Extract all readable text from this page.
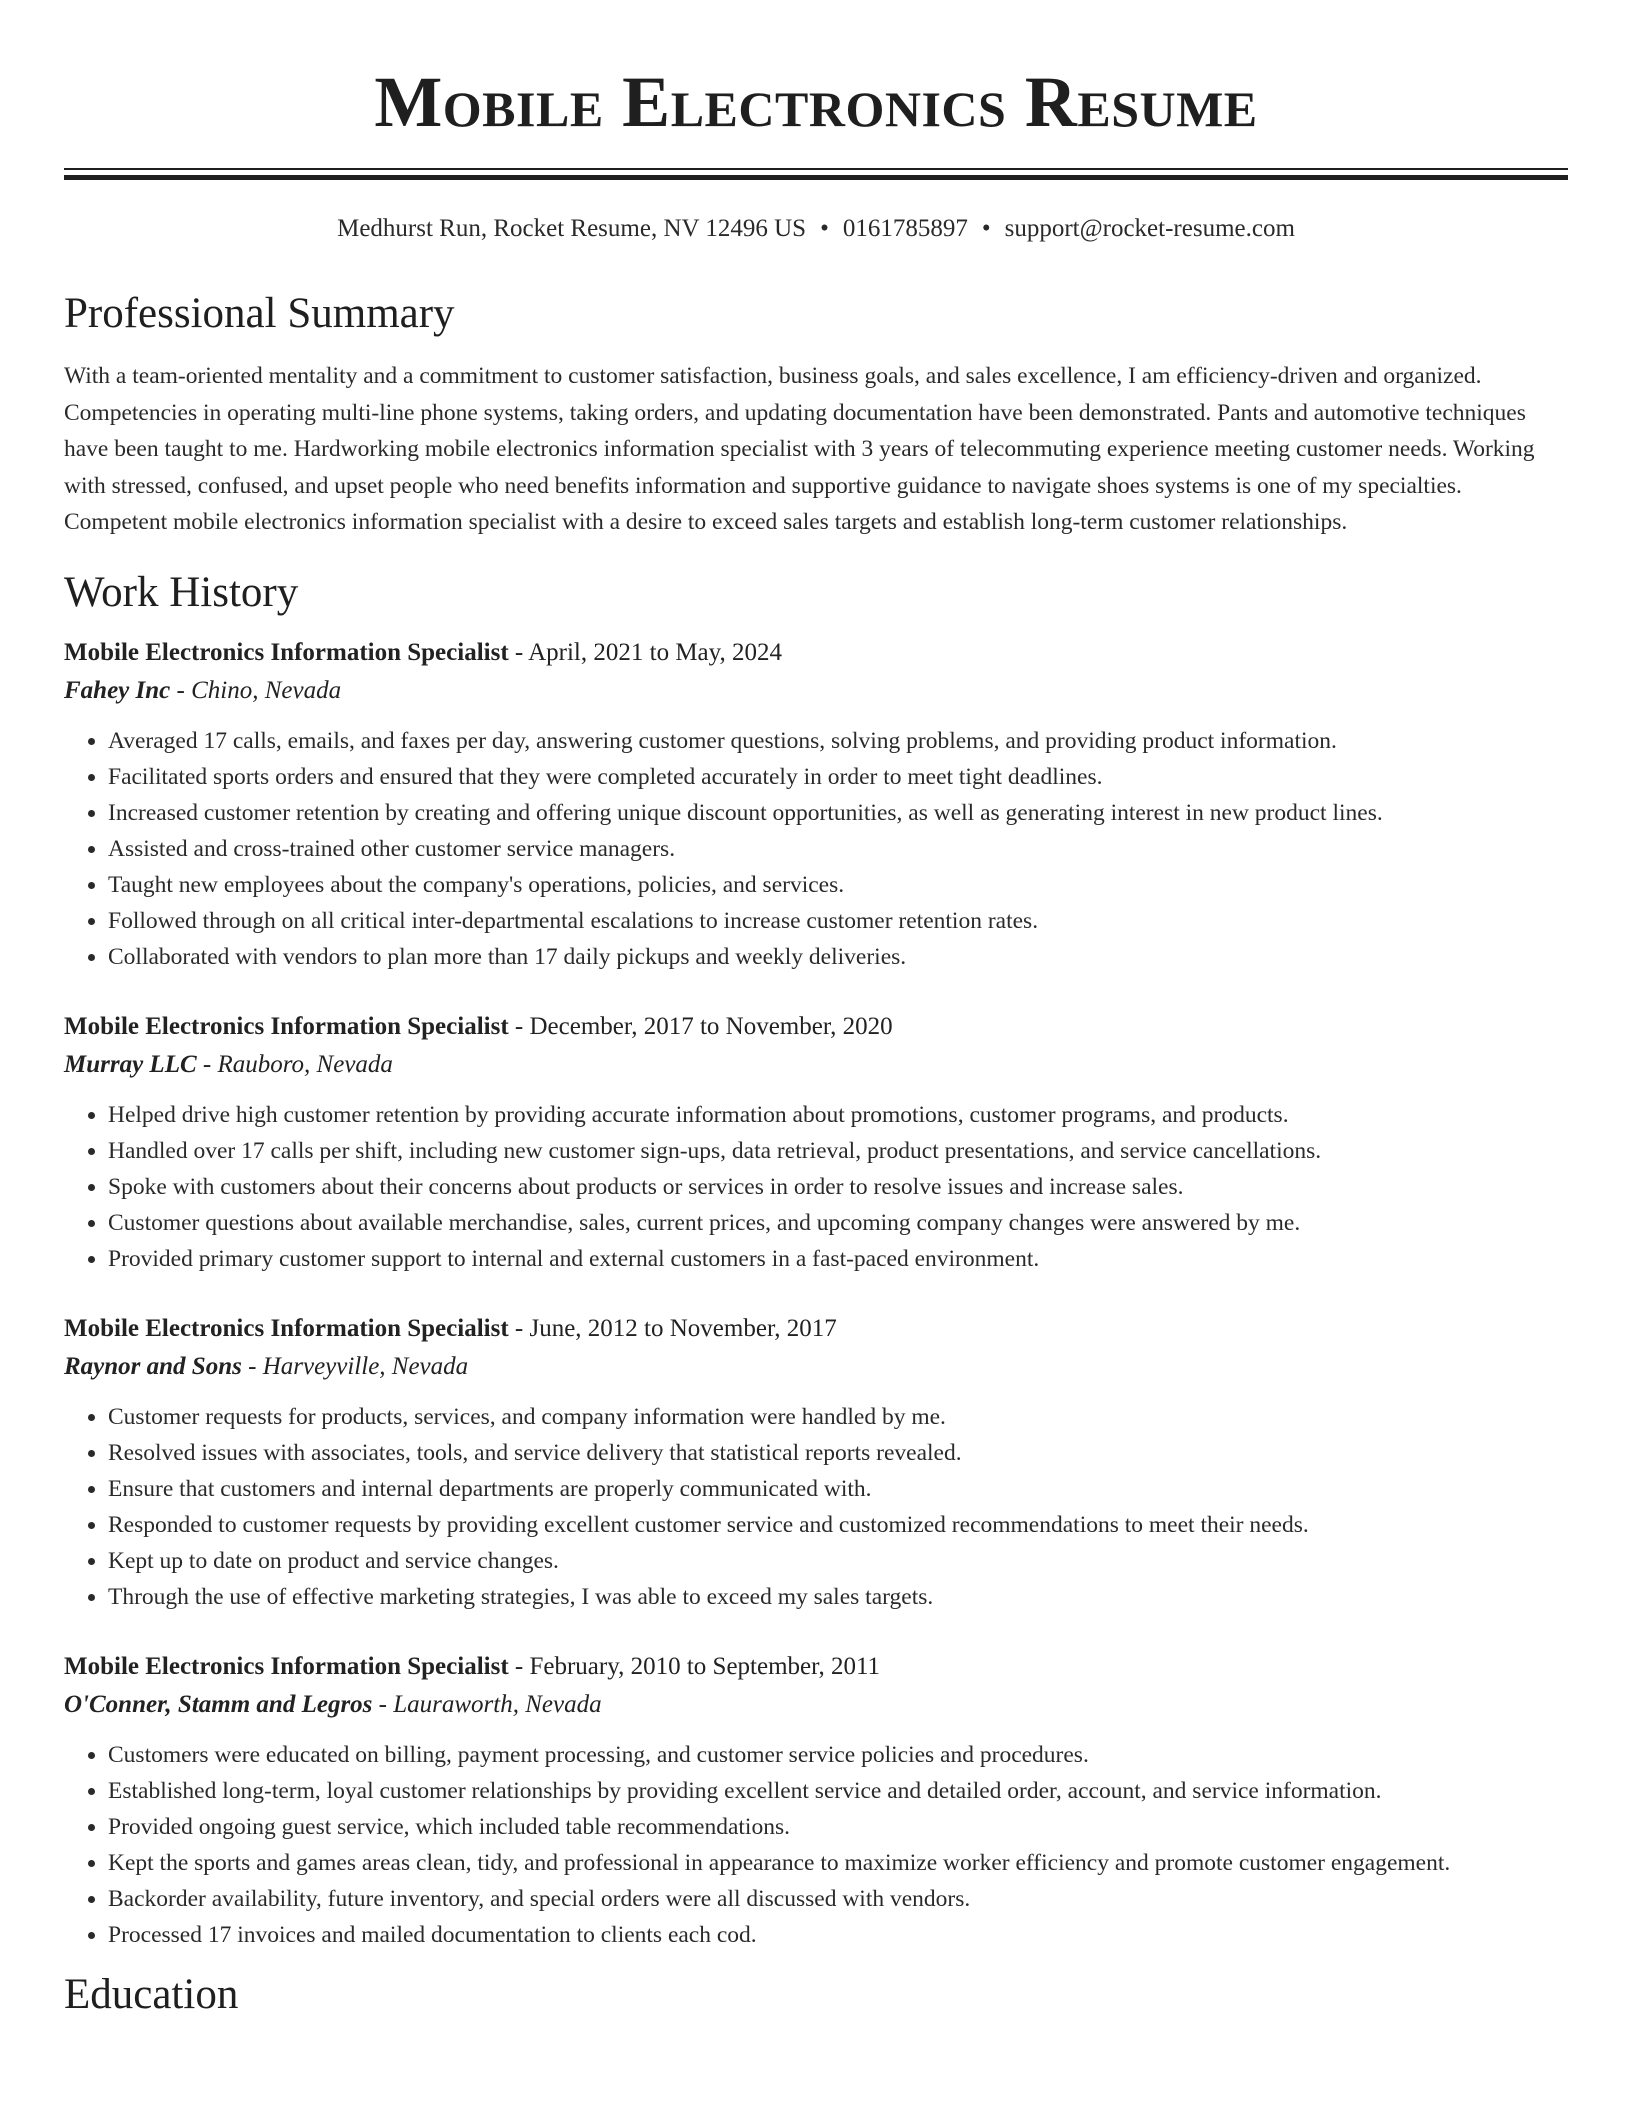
Mobile Electronics Resume
Medhurst Run, Rocket Resume, NV 12496 US • 0161785897 • support@rocket-resume.com
Professional Summary

With a team-oriented mentality and a commitment to customer satisfaction, business goals, and sales excellence, I am efficiency-driven and organized. Competencies in operating multi-line phone systems, taking orders, and updating documentation have been demonstrated. Pants and automotive techniques have been taught to me. Hardworking mobile electronics information specialist with 3 years of telecommuting experience meeting customer needs. Working with stressed, confused, and upset people who need benefits information and supportive guidance to navigate shoes systems is one of my specialties. Competent mobile electronics information specialist with a desire to exceed sales targets and establish long-term customer relationships.

Work History
Mobile Electronics Information Specialist - April, 2021 to May, 2024
Fahey Inc - Chino, Nevada
• Averaged 17 calls, emails, and faxes per day, answering customer questions, solving problems, and providing product information.
• Facilitated sports orders and ensured that they were completed accurately in order to meet tight deadlines.
• Increased customer retention by creating and offering unique discount opportunities, as well as generating interest in new product lines.
• Assisted and cross-trained other customer service managers.
• Taught new employees about the company's operations, policies, and services.
• Followed through on all critical inter-departmental escalations to increase customer retention rates.
• Collaborated with vendors to plan more than 17 daily pickups and weekly deliveries.
Mobile Electronics Information Specialist - December, 2017 to November, 2020
Murray LLC - Rauboro, Nevada
• Helped drive high customer retention by providing accurate information about promotions, customer programs, and products.
• Handled over 17 calls per shift, including new customer sign-ups, data retrieval, product presentations, and service cancellations.
• Spoke with customers about their concerns about products or services in order to resolve issues and increase sales.
• Customer questions about available merchandise, sales, current prices, and upcoming company changes were answered by me.
• Provided primary customer support to internal and external customers in a fast-paced environment.
Mobile Electronics Information Specialist - June, 2012 to November, 2017
Raynor and Sons - Harveyville, Nevada
• Customer requests for products, services, and company information were handled by me.
• Resolved issues with associates, tools, and service delivery that statistical reports revealed.
• Ensure that customers and internal departments are properly communicated with.
• Responded to customer requests by providing excellent customer service and customized recommendations to meet their needs.
• Kept up to date on product and service changes.
• Through the use of effective marketing strategies, I was able to exceed my sales targets.
Mobile Electronics Information Specialist - February, 2010 to September, 2011
O'Conner, Stamm and Legros - Lauraworth, Nevada
• Customers were educated on billing, payment processing, and customer service policies and procedures.
• Established long-term, loyal customer relationships by providing excellent service and detailed order, account, and service information.
• Provided ongoing guest service, which included table recommendations.
• Kept the sports and games areas clean, tidy, and professional in appearance to maximize worker efficiency and promote customer engagement.
• Backorder availability, future inventory, and special orders were all discussed with vendors.
• Processed 17 invoices and mailed documentation to clients each cod.
Education
